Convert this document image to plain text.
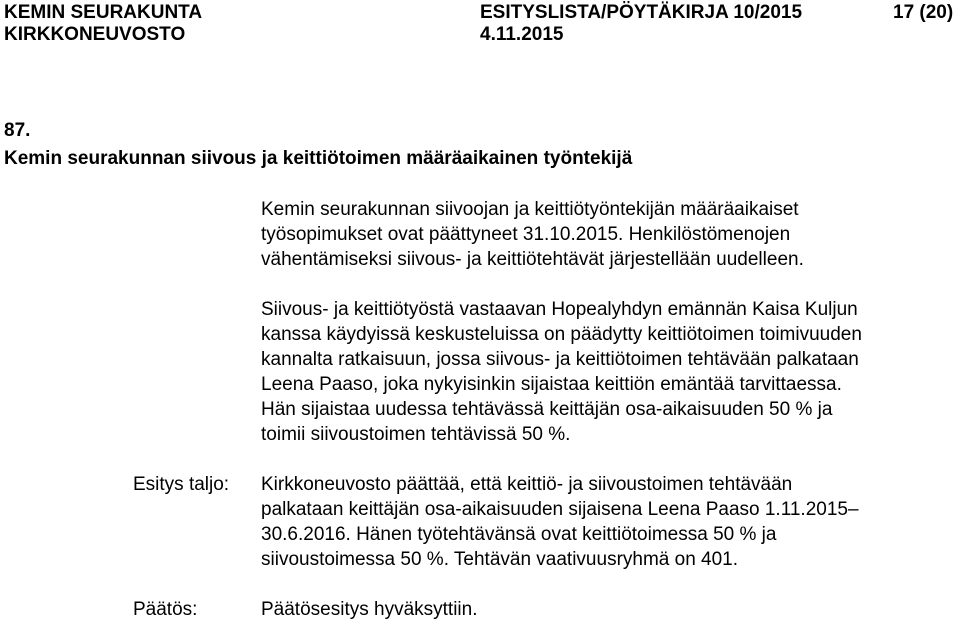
KEMIN SEURAKUNTA
KIRKKONEUVOSTO
ESITYSLISTA/PÖYTÄKIRJA 10/2015
4.11.2015
17 (20)
87.
Kemin seurakunnan siivous ja keittiötoimen määräaikainen työntekijä
Kemin seurakunnan siivoojan ja keittiötyöntekijän määräaikaiset
työsopimukset ovat päättyneet 31.10.2015. Henkilöstömenojen
vähentämiseksi siivous- ja keittiötehtävät järjestellään uudelleen.
Siivous- ja keittiötyöstä vastaavan Hopealyhdyn emännän Kaisa Kuljun
kanssa käydyissä keskusteluissa on päädytty keittiötoimen toimivuuden
kannalta ratkaisuun, jossa siivous- ja keittiötoimen tehtävään palkataan
Leena Paaso, joka nykyisinkin sijaistaa keittiön emäntää tarvittaessa.
Hän sijaistaa uudessa tehtävässä keittäjän osa-aikaisuuden 50 % ja
toimii siivoustoimen tehtävissä 50 %.
Esitys taljo: Kirkkoneuvosto päättää, että keittiö- ja siivoustoimen tehtävään
palkataan keittäjän osa-aikaisuuden sijaisena Leena Paaso 1.11.2015–
30.6.2016. Hänen työtehtävänsä ovat keittiötoimessa 50 % ja
siivoustoimessa 50 %. Tehtävän vaativuusryhmä on 401.
Päätös:	Päätösesitys hyväksyttiin.
